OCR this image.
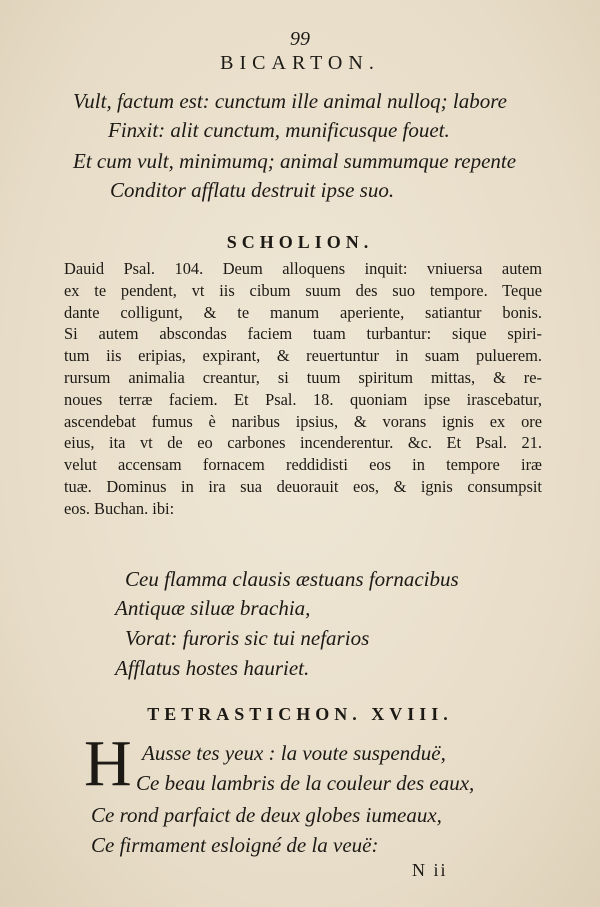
99
BICARTON.
Vult, factum est: cunctum ille animal nulloq; labore
Finxit: alit cunctum, munificusque fouet.
Et cum vult, minimumq; animal summumque repente
Conditor afflatu destruit ipse suo.
SCHOLION.
Dauid Psal. 104. Deum alloquens inquit: vniuersa autem
ex te pendent, vt iis cibum suum des suo tempore. Teque
dante colligunt, & te manum aperiente, satiantur bonis.
Si autem abscondas faciem tuam turbantur: sique spiri-
tum iis eripias, expirant, & reuertuntur in suam puluerem.
rursum animalia creantur, si tuum spiritum mittas, & re-
noues terræ faciem. Et Psal. 18. quoniam ipse irascebatur,
ascendebat fumus è naribus ipsius, & vorans ignis ex ore
eius, ita vt de eo carbones incenderentur. &c. Et Psal. 21.
velut accensam fornacem reddidisti eos in tempore iræ
tuæ. Dominus in ira sua deuorauit eos, & ignis consumpsit
eos. Buchan. ibi:
Ceu flamma clausis æstuans fornacibus
Antiquæ siluæ brachia,
Vorat: furoris sic tui nefarios
Afflatus hostes hauriet.
TETRASTICHON. XVIII.
H Ausse tes yeux : la voute suspenduë,
Ce beau lambris de la couleur des eaux,
Ce rond parfaict de deux globes iumeaux,
Ce firmament esloigné de la veuë:
N ii
